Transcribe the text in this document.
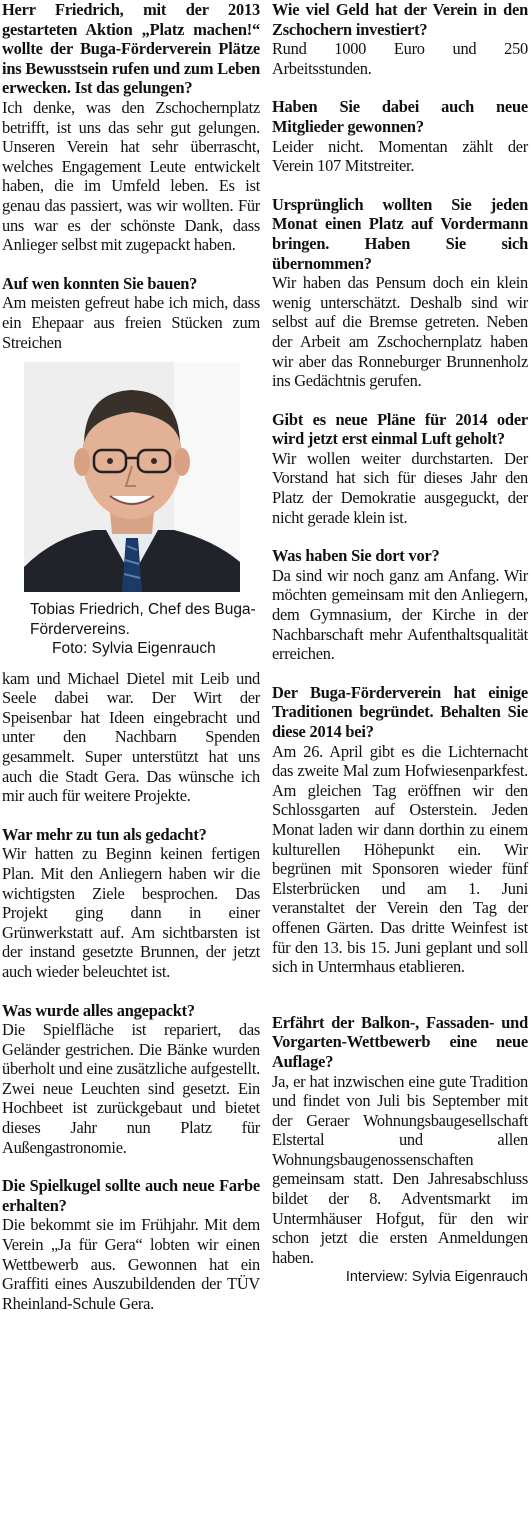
Herr Friedrich, mit der 2013 gestarteten Aktion „Platz machen!“ wollte der Buga-Förderverein Plätze ins Bewusstsein rufen und zum Leben erwecken. Ist das gelungen?

Ich denke, was den Zschochernplatz betrifft, ist uns das sehr gut gelungen. Unseren Verein hat sehr überrascht, welches Engagement Leute entwickelt haben, die im Umfeld leben. Es ist genau das passiert, was wir wollten. Für uns war es der schönste Dank, dass Anlieger selbst mit zugepackt haben.

Auf wen konnten Sie bauen?

Am meisten gefreut habe ich mich, dass ein Ehepaar aus freien Stücken zum Streichen

Tobias Friedrich, Chef des Buga-Fördervereins.
Foto: Sylvia Eigenrauch

kam und Michael Dietel mit Leib und Seele dabei war. Der Wirt der Speisenbar hat Ideen eingebracht und unter den Nachbarn Spenden gesammelt. Super unterstützt hat uns auch die Stadt Gera. Das wünsche ich mir auch für weitere Projekte.

War mehr zu tun als gedacht?

Wir hatten zu Beginn keinen fertigen Plan. Mit den Anliegern haben wir die wichtigsten Ziele besprochen. Das Projekt ging dann in einer Grünwerkstatt auf. Am sichtbarsten ist der instand gesetzte Brunnen, der jetzt auch wieder beleuchtet ist.

Was wurde alles angepackt?

Die Spielfläche ist repariert, das Geländer gestrichen. Die Bänke wurden überholt und eine zusätzliche aufgestellt. Zwei neue Leuchten sind gesetzt. Ein Hochbeet ist zurückgebaut und bietet dieses Jahr nun Platz für Außengastronomie.

Die Spielkugel sollte auch neue Farbe erhalten?

Die bekommt sie im Frühjahr. Mit dem Verein „Ja für Gera“ lobten wir einen Wettbewerb aus. Gewonnen hat ein Graffiti eines Auszubildenden der TÜV Rheinland-Schule Gera.

Wie viel Geld hat der Verein in den Zschochern investiert?

Rund 1000 Euro und 250 Arbeitsstunden.

Haben Sie dabei auch neue Mitglieder gewonnen?

Leider nicht. Momentan zählt der Verein 107 Mitstreiter.

Ursprünglich wollten Sie jeden Monat einen Platz auf Vordermann bringen. Haben Sie sich übernommen?

Wir haben das Pensum doch ein klein wenig unterschätzt. Deshalb sind wir selbst auf die Bremse getreten. Neben der Arbeit am Zschochernplatz haben wir aber das Ronneburger Brunnenholz ins Gedächtnis gerufen.

Gibt es neue Pläne für 2014 oder wird jetzt erst einmal Luft geholt?

Wir wollen weiter durchstarten. Der Vorstand hat sich für dieses Jahr den Platz der Demokratie ausgeguckt, der nicht gerade klein ist.

Was haben Sie dort vor?

Da sind wir noch ganz am Anfang. Wir möchten gemeinsam mit den Anliegern, dem Gymnasium, der Kirche in der Nachbarschaft mehr Aufenthaltsqualität erreichen.

Der Buga-Förderverein hat einige Traditionen begründet. Behalten Sie diese 2014 bei?

Am 26. April gibt es die Lichternacht das zweite Mal zum Hofwiesenparkfest. Am gleichen Tag eröffnen wir den Schlossgarten auf Osterstein. Jeden Monat laden wir dann dorthin zu einem kulturellen Höhepunkt ein. Wir begrünen mit Sponsoren wieder fünf Elsterbrücken und am 1. Juni veranstaltet der Verein den Tag der offenen Gärten. Das dritte Weinfest ist für den 13. bis 15. Juni geplant und soll sich in Untermhaus etablieren.

Erfährt der Balkon-, Fassaden- und Vorgarten-Wettbewerb eine neue Auflage?

Ja, er hat inzwischen eine gute Tradition und findet von Juli bis September mit der Geraer Wohnungsbaugesellschaft Elstertal und allen Wohnungsbaugenossenschaften gemeinsam statt. Den Jahresabschluss bildet der 8. Adventsmarkt im Untermhäuser Hofgut, für den wir schon jetzt die ersten Anmeldungen haben.

Interview: Sylvia Eigenrauch
